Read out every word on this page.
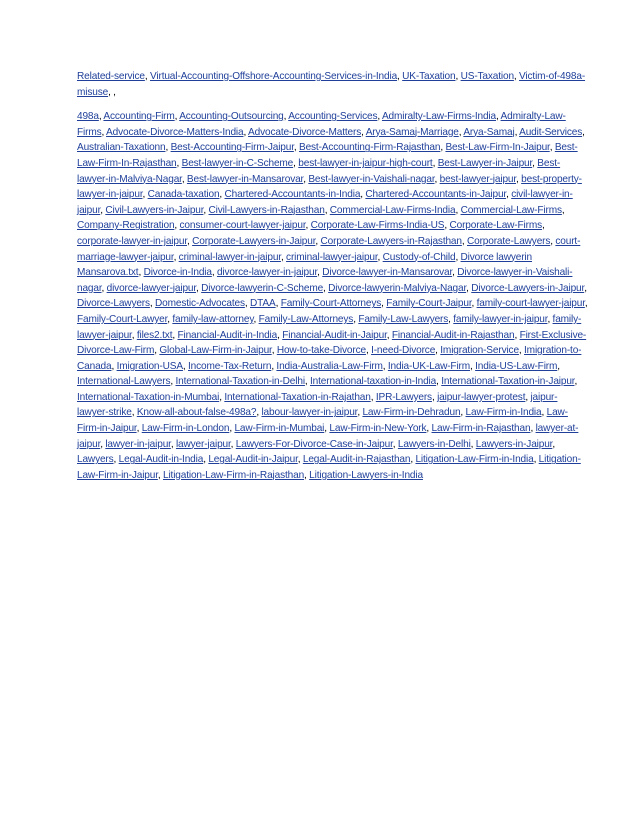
Related-service, Virtual-Accounting-Offshore-Accounting-Services-in-India, UK-Taxation, US-Taxation, Victim-of-498a-misuse, ,

498a, Accounting-Firm, Accounting-Outsourcing, Accounting-Services, Admiralty-Law-Firms-India, Admiralty-Law-Firms, Advocate-Divorce-Matters-India, Advocate-Divorce-Matters, Arya-Samaj-Marriage, Arya-Samaj, Audit-Services, Australian-Taxationn, Best-Accounting-Firm-Jaipur, Best-Accounting-Firm-Rajasthan, Best-Law-Firm-In-Jaipur, Best-Law-Firm-In-Rajasthan, Best-lawyer-in-C-Scheme, best-lawyer-in-jaipur-high-court, Best-Lawyer-in-Jaipur, Best-lawyer-in-Malviya-Nagar, Best-lawyer-in-Mansarovar, Best-lawyer-in-Vaishali-nagar, best-lawyer-jaipur, best-property-lawyer-in-jaipur, Canada-taxation, Chartered-Accountants-in-India, Chartered-Accountants-in-Jaipur, civil-lawyer-in-jaipur, Civil-Lawyers-in-Jaipur, Civil-Lawyers-in-Rajasthan, Commercial-Law-Firms-India, Commercial-Law-Firms, Company-Registration, consumer-court-lawyer-jaipur, Corporate-Law-Firms-India-US, Corporate-Law-Firms, corporate-lawyer-in-jaipur, Corporate-Lawyers-in-Jaipur, Corporate-Lawyers-in-Rajasthan, Corporate-Lawyers, court-marriage-lawyer-jaipur, criminal-lawyer-in-jaipur, criminal-lawyer-jaipur, Custody-of-Child, Divorce lawyerin Mansarova.txt, Divorce-in-India, divorce-lawyer-in-jaipur, Divorce-lawyer-in-Mansarovar, Divorce-lawyer-in-Vaishali-nagar, divorce-lawyer-jaipur, Divorce-lawyerin-C-Scheme, Divorce-lawyerin-Malviya-Nagar, Divorce-Lawyers-in-Jaipur, Divorce-Lawyers, Domestic-Advocates, DTAA, Family-Court-Attorneys, Family-Court-Jaipur, family-court-lawyer-jaipur, Family-Court-Lawyer, family-law-attorney, Family-Law-Attorneys, Family-Law-Lawyers, family-lawyer-in-jaipur, family-lawyer-jaipur, files2.txt, Financial-Audit-in-India, Financial-Audit-in-Jaipur, Financial-Audit-in-Rajasthan, First-Exclusive-Divorce-Law-Firm, Global-Law-Firm-in-Jaipur, How-to-take-Divorce, I-need-Divorce, Imigration-Service, Imigration-to-Canada, Imigration-USA, Income-Tax-Return, India-Australia-Law-Firm, India-UK-Law-Firm, India-US-Law-Firm, International-Lawyers, International-Taxation-in-Delhi, International-taxation-in-India, International-Taxation-in-Jaipur, International-Taxation-in-Mumbai, International-Taxation-in-Rajathan, IPR-Lawyers, jaipur-lawyer-protest, jaipur-lawyer-strike, Know-all-about-false-498a?, labour-lawyer-in-jaipur, Law-Firm-in-Dehradun, Law-Firm-in-India, Law-Firm-in-Jaipur, Law-Firm-in-London, Law-Firm-in-Mumbai, Law-Firm-in-New-York, Law-Firm-in-Rajasthan, lawyer-at-jaipur, lawyer-in-jaipur, lawyer-jaipur, Lawyers-For-Divorce-Case-in-Jaipur, Lawyers-in-Delhi, Lawyers-in-Jaipur, Lawyers, Legal-Audit-in-India, Legal-Audit-in-Jaipur, Legal-Audit-in-Rajasthan, Litigation-Law-Firm-in-India, Litigation-Law-Firm-in-Jaipur, Litigation-Law-Firm-in-Rajasthan, Litigation-Lawyers-in-India
